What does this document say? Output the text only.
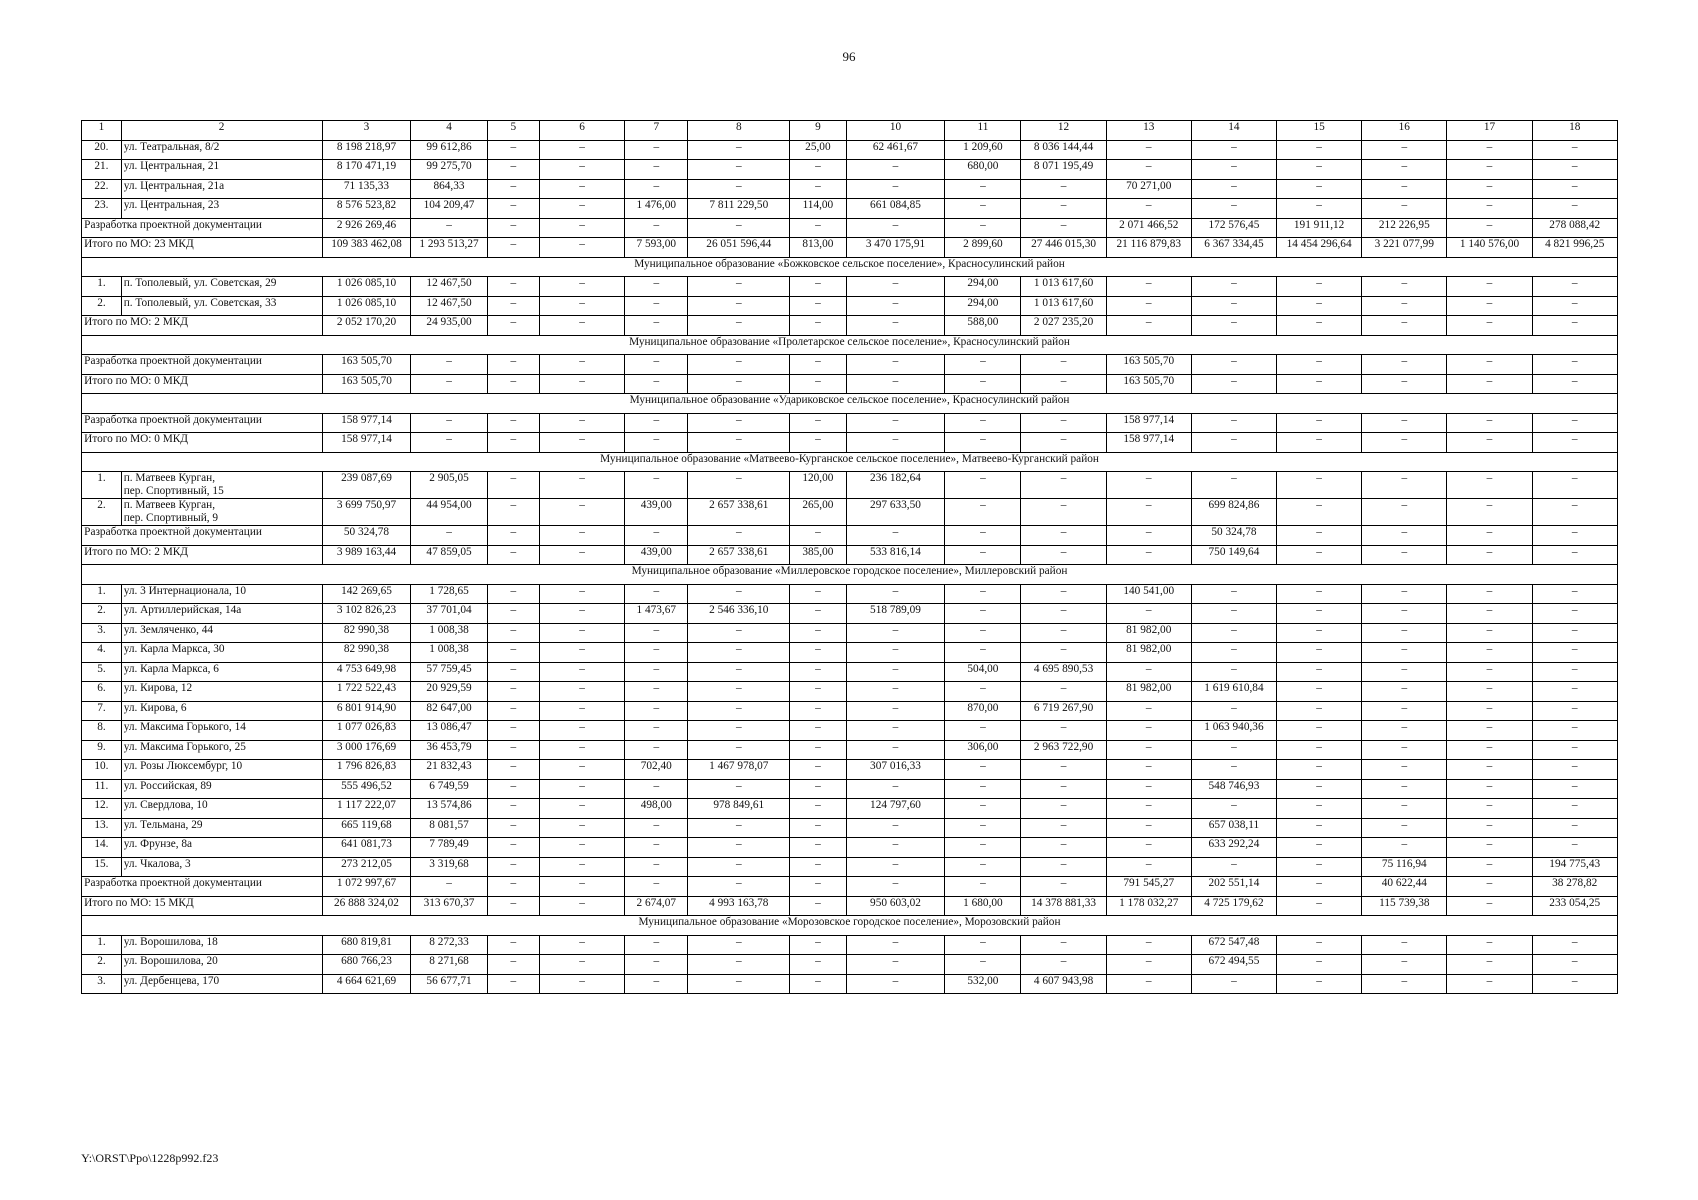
96
1	2	3	4	5	6	7	8	9	10	11	12	13	14	15	16	17	18
20.	ул. Театральная, 8/2	8 198 218,97	99 612,86	–	–	–	–	25,00	62 461,67	1 209,60	8 036 144,44	–	–	–	–	–	–
21.	ул. Центральная, 21	8 170 471,19	99 275,70	–	–	–	–	–	–	680,00	8 071 195,49	–	–	–	–	–	–
22.	ул. Центральная, 21а	71 135,33	864,33	–	–	–	–	–	–	–	–	70 271,00	–	–	–	–	–
23.	ул. Центральная, 23	8 576 523,82	104 209,47	–	–	1 476,00	7 811 229,50	114,00	661 084,85	–	–	–	–	–	–	–	–
Разработка проектной документации		2 926 269,46	–	–	–	–	–	–	–	–	–	2 071 466,52	172 576,45	191 911,12	212 226,95	–	278 088,42
Итого по МО: 23 МКД		109 383 462,08	1 293 513,27	–	–	7 593,00	26 051 596,44	813,00	3 470 175,91	2 899,60	27 446 015,30	21 116 879,83	6 367 334,45	14 454 296,64	3 221 077,99	1 140 576,00	4 821 996,25
Муниципальное образование «Божковское сельское поселение», Красносулинский район																	
1.	п. Тополевый, ул. Советская, 29	1 026 085,10	12 467,50	–	–	–	–	–	–	294,00	1 013 617,60	–	–	–	–	–	–
2.	п. Тополевый, ул. Советская, 33	1 026 085,10	12 467,50	–	–	–	–	–	–	294,00	1 013 617,60	–	–	–	–	–	–
Итого по МО: 2 МКД		2 052 170,20	24 935,00	–	–	–	–	–	–	588,00	2 027 235,20	–	–	–	–	–	–
Муниципальное образование «Пролетарское сельское поселение», Красносулинский район																	
Разработка проектной документации		163 505,70	–	–	–	–	–	–	–	–	–	163 505,70	–	–	–	–	–
Итого по МО: 0 МКД		163 505,70	–	–	–	–	–	–	–	–	–	163 505,70	–	–	–	–	–
Муниципальное образование «Удариковское сельское поселение», Красносулинский район																	
Разработка проектной документации		158 977,14	–	–	–	–	–	–	–	–	–	158 977,14	–	–	–	–	–
Итого по МО: 0 МКД		158 977,14	–	–	–	–	–	–	–	–	–	158 977,14	–	–	–	–	–
Муниципальное образование «Матвеево-Курганское сельское поселение», Матвеево-Курганский район																	
1.	п. Матвеев Курган,
пер. Спортивный, 15	239 087,69	2 905,05	–	–	–	–	120,00	236 182,64	–	–	–	–	–	–	–	–
2.	п. Матвеев Курган,
пер. Спортивный, 9	3 699 750,97	44 954,00	–	–	439,00	2 657 338,61	265,00	297 633,50	–	–	–	699 824,86	–	–	–	–
Разработка проектной документации		50 324,78	–	–	–	–	–	–	–	–	–	–	50 324,78	–	–	–	–
Итого по МО: 2 МКД		3 989 163,44	47 859,05	–	–	439,00	2 657 338,61	385,00	533 816,14	–	–	–	750 149,64	–	–	–	–
Муниципальное образование «Миллеровское городское поселение», Миллеровский район																	
1.	ул. 3 Интернационала, 10	142 269,65	1 728,65	–	–	–	–	–	–	–	–	140 541,00	–	–	–	–	–
2.	ул. Артиллерийская, 14а	3 102 826,23	37 701,04	–	–	1 473,67	2 546 336,10	–	518 789,09	–	–	–	–	–	–	–	–
3.	ул. Земляченко, 44	82 990,38	1 008,38	–	–	–	–	–	–	–	–	81 982,00	–	–	–	–	–
4.	ул. Карла Маркса, 30	82 990,38	1 008,38	–	–	–	–	–	–	–	–	81 982,00	–	–	–	–	–
5.	ул. Карла Маркса, 6	4 753 649,98	57 759,45	–	–	–	–	–	–	504,00	4 695 890,53	–	–	–	–	–	–
6.	ул. Кирова, 12	1 722 522,43	20 929,59	–	–	–	–	–	–	–	–	81 982,00	1 619 610,84	–	–	–	–
7.	ул. Кирова, 6	6 801 914,90	82 647,00	–	–	–	–	–	–	870,00	6 719 267,90	–	–	–	–	–	–
8.	ул. Максима Горького, 14	1 077 026,83	13 086,47	–	–	–	–	–	–	–	–	–	1 063 940,36	–	–	–	–
9.	ул. Максима Горького, 25	3 000 176,69	36 453,79	–	–	–	–	–	–	306,00	2 963 722,90	–	–	–	–	–	–
10.	ул. Розы Люксембург, 10	1 796 826,83	21 832,43	–	–	702,40	1 467 978,07	–	307 016,33	–	–	–	–	–	–	–	–
11.	ул. Российская, 89	555 496,52	6 749,59	–	–	–	–	–	–	–	–	–	548 746,93	–	–	–	–
12.	ул. Свердлова, 10	1 117 222,07	13 574,86	–	–	498,00	978 849,61	–	124 797,60	–	–	–	–	–	–	–	–
13.	ул. Тельмана, 29	665 119,68	8 081,57	–	–	–	–	–	–	–	–	–	657 038,11	–	–	–	–
14.	ул. Фрунзе, 8а	641 081,73	7 789,49	–	–	–	–	–	–	–	–	–	633 292,24	–	–	–	–
15.	ул. Чкалова, 3	273 212,05	3 319,68	–	–	–	–	–	–	–	–	–	–	–	75 116,94	–	194 775,43
Разработка проектной документации		1 072 997,67	–	–	–	–	–	–	–	–	–	791 545,27	202 551,14	–	40 622,44	–	38 278,82
Итого по МО: 15 МКД		26 888 324,02	313 670,37	–	–	2 674,07	4 993 163,78	–	950 603,02	1 680,00	14 378 881,33	1 178 032,27	4 725 179,62	–	115 739,38	–	233 054,25
Муниципальное образование «Морозовское городское поселение», Морозовский район																	
1.	ул. Ворошилова, 18	680 819,81	8 272,33	–	–	–	–	–	–	–	–	–	672 547,48	–	–	–	–
2.	ул. Ворошилова, 20	680 766,23	8 271,68	–	–	–	–	–	–	–	–	–	672 494,55	–	–	–	–
3.	ул. Дербенцева, 170	4 664 621,69	56 677,71	–	–	–	–	–	–	532,00	4 607 943,98	–	–	–	–	–	–
Y:\ORST\Ppo\1228p992.f23
